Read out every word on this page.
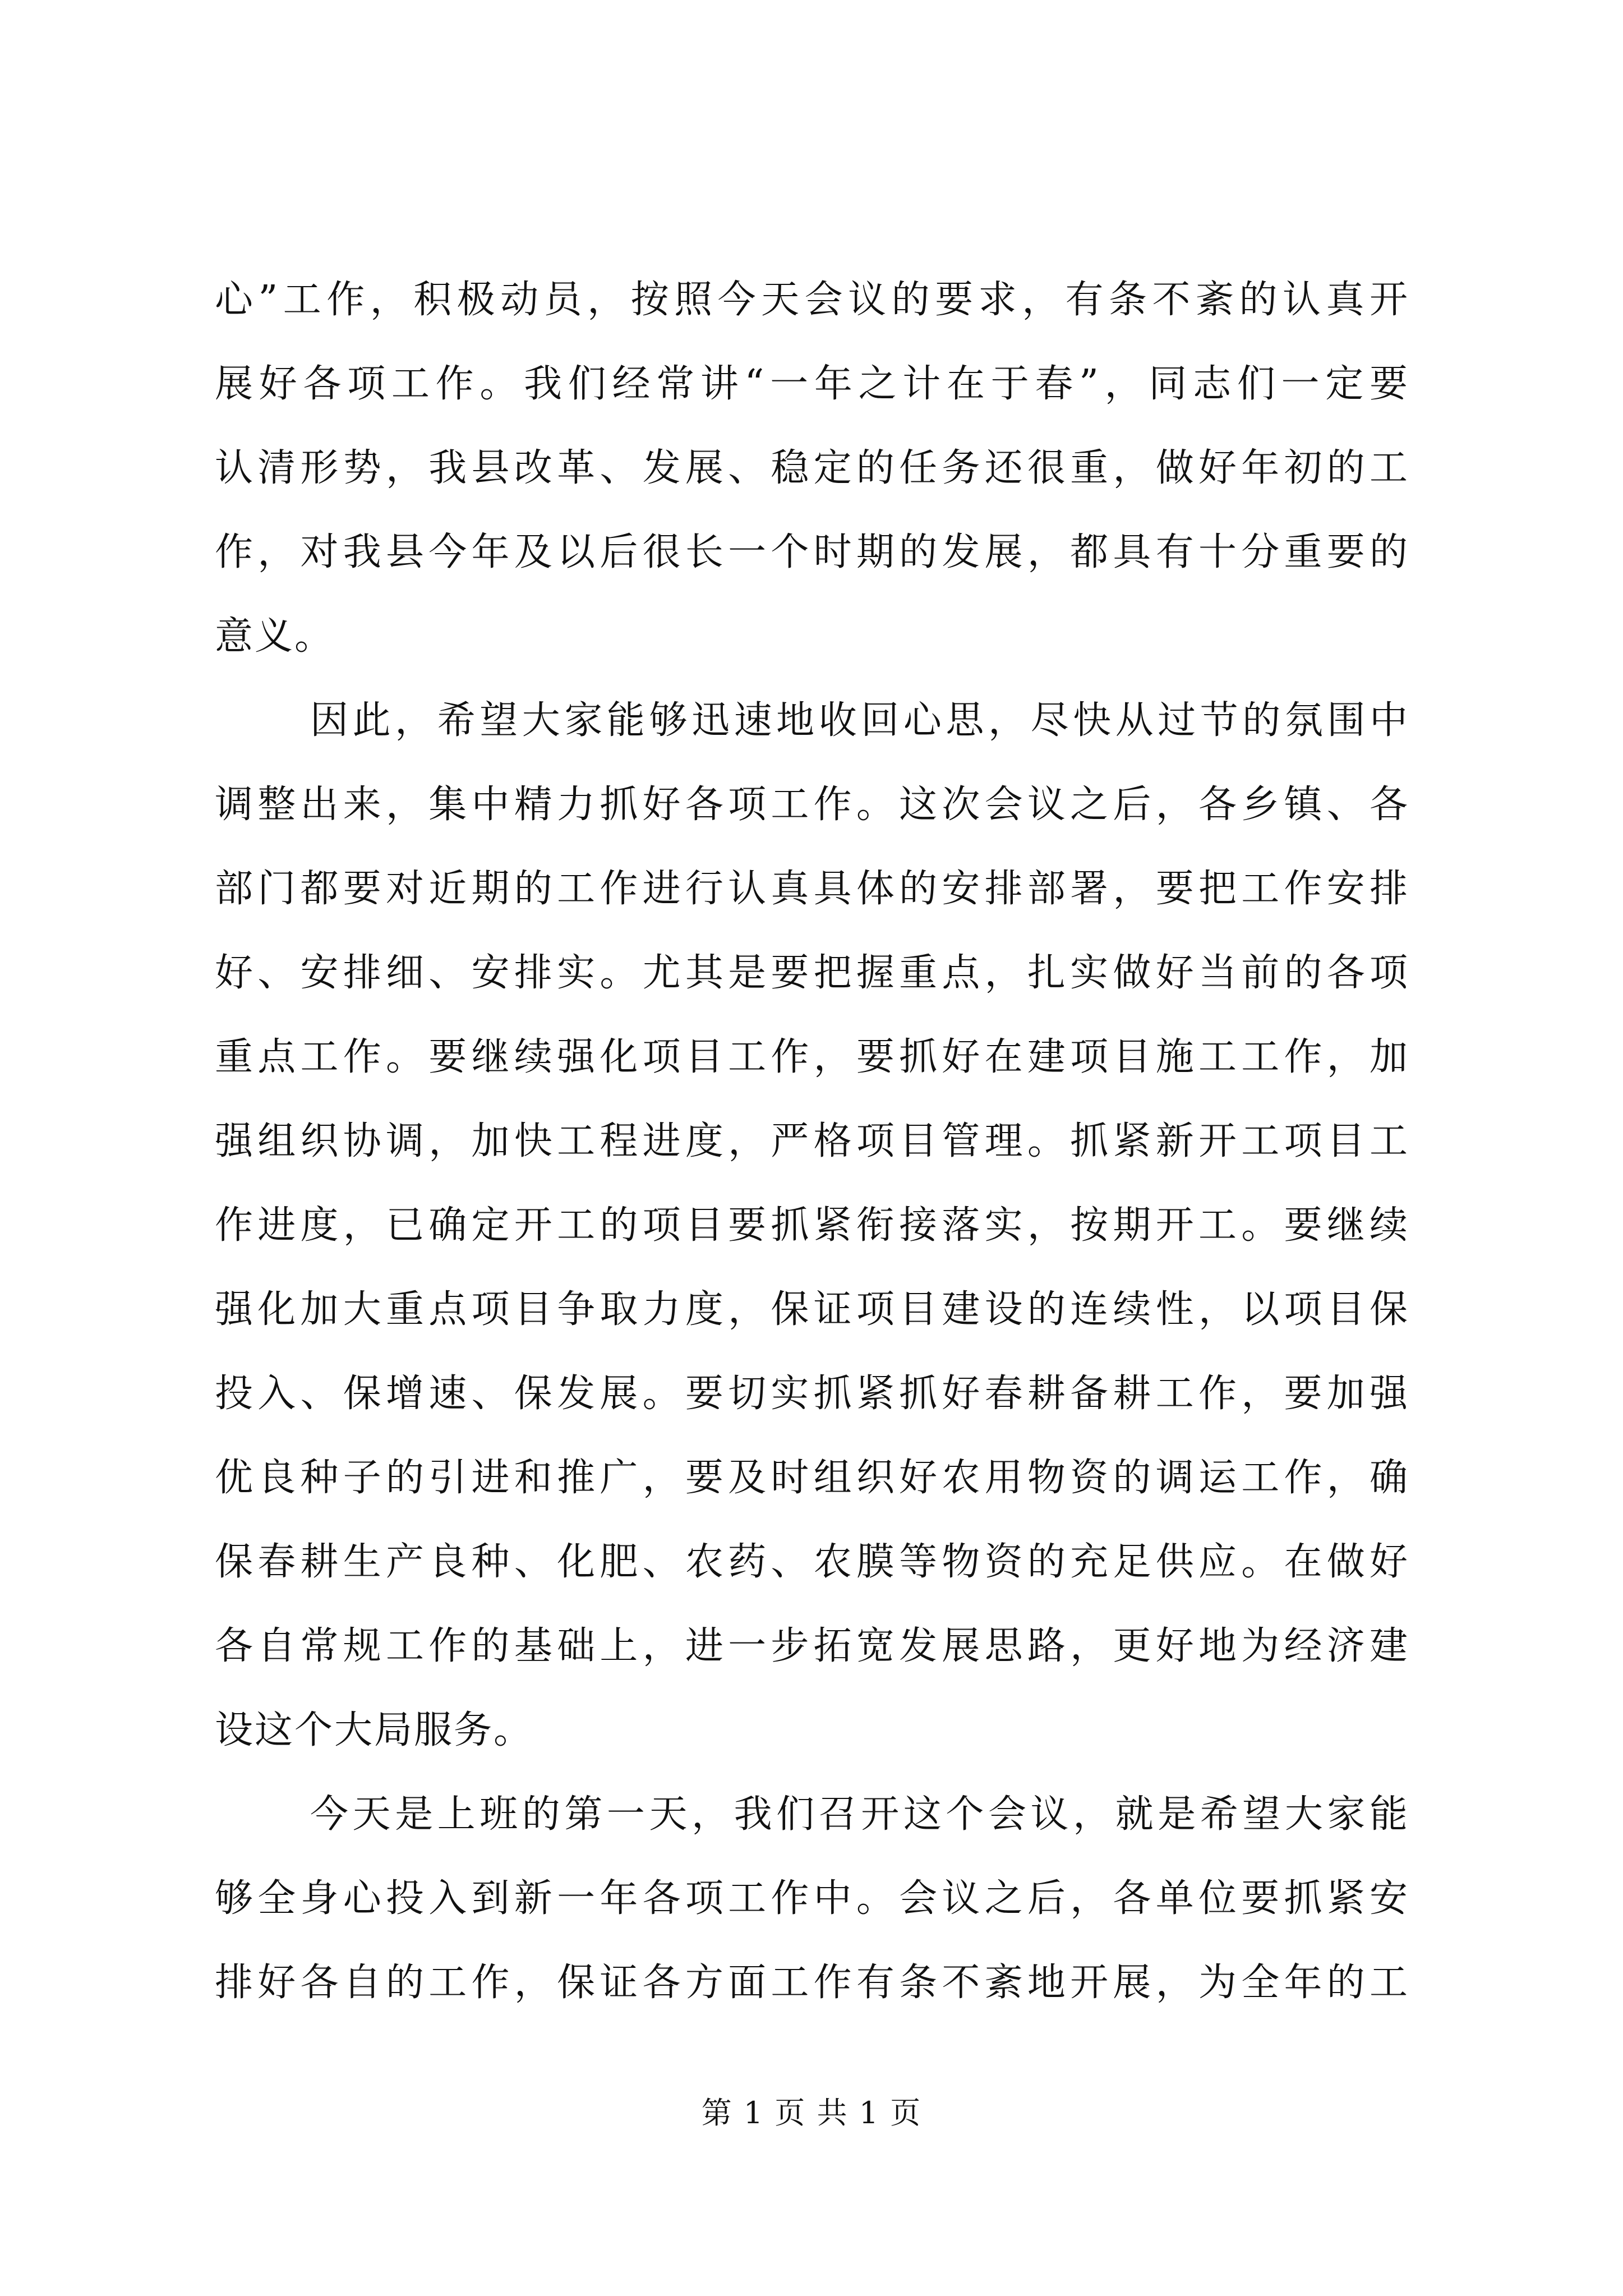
心”工作，积极动员，按照今天会议的要求，有条不紊的认真开
展好各项工作。我们经常讲“一年之计在于春”，同志们一定要
认清形势，我县改革、发展、稳定的任务还很重，做好年初的工
作，对我县今年及以后很长一个时期的发展，都具有十分重要的
意义。
因此，希望大家能够迅速地收回心思，尽快从过节的氛围中
调整出来，集中精力抓好各项工作。这次会议之后，各乡镇、各
部门都要对近期的工作进行认真具体的安排部署，要把工作安排
好、安排细、安排实。尤其是要把握重点，扎实做好当前的各项
重点工作。要继续强化项目工作，要抓好在建项目施工工作，加
强组织协调，加快工程进度，严格项目管理。抓紧新开工项目工
作进度，已确定开工的项目要抓紧衔接落实，按期开工。要继续
强化加大重点项目争取力度，保证项目建设的连续性，以项目保
投入、保增速、保发展。要切实抓紧抓好春耕备耕工作，要加强
优良种子的引进和推广，要及时组织好农用物资的调运工作，确
保春耕生产良种、化肥、农药、农膜等物资的充足供应。在做好
各自常规工作的基础上，进一步拓宽发展思路，更好地为经济建
设这个大局服务。
今天是上班的第一天，我们召开这个会议，就是希望大家能
够全身心投入到新一年各项工作中。会议之后，各单位要抓紧安
排好各自的工作，保证各方面工作有条不紊地开展，为全年的工
第 1 页 共 1 页
